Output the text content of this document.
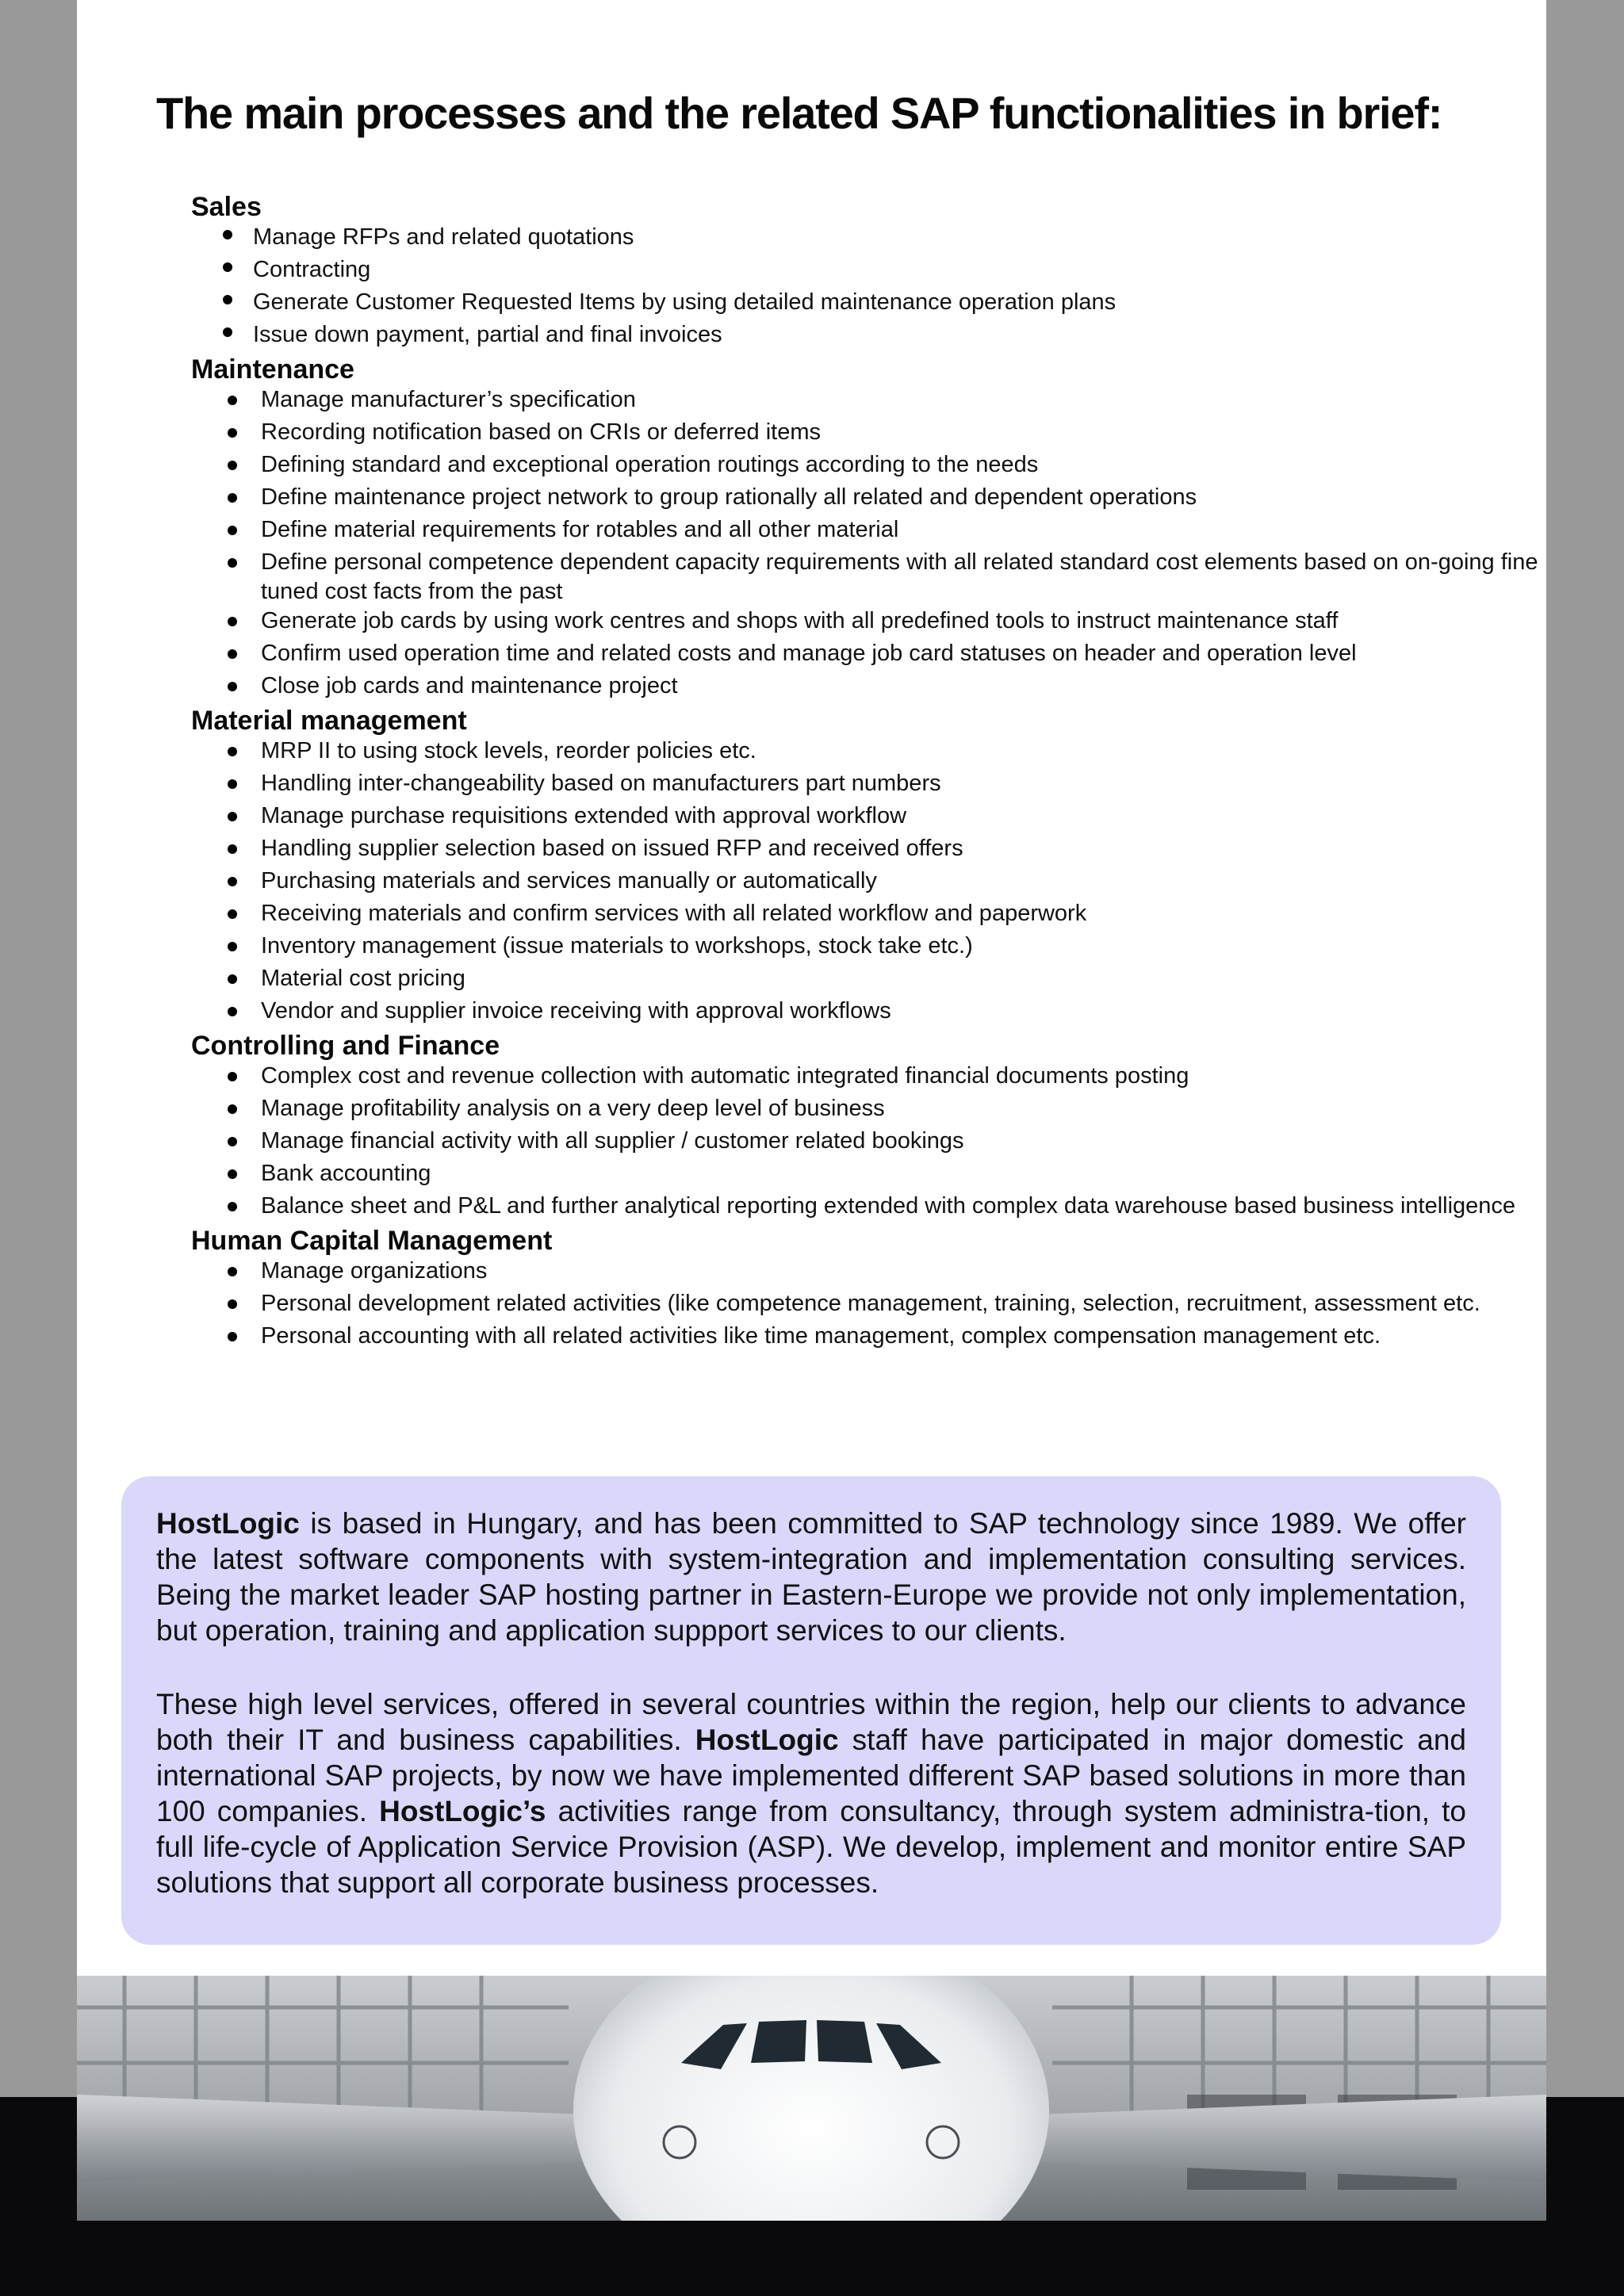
The main processes and the related SAP functionalities in brief:
Sales
Manage RFPs and related quotations
Contracting
Generate Customer Requested Items by using detailed maintenance operation plans
Issue down payment, partial and final invoices
Maintenance
Manage manufacturer’s specification
Recording notification based on CRIs or deferred items
Defining standard and exceptional operation routings according to the needs
Define maintenance project network to group rationally all related and dependent operations
Define material requirements for rotables and all other material
Define personal competence dependent capacity requirements with all related standard cost elements based on on-going fine tuned cost facts from the past
Generate job cards by using work centres and shops with all predefined tools to instruct maintenance staff
Confirm used operation time and related costs and manage job card statuses on header and operation level
Close job cards and maintenance project
Material management
MRP II to using stock levels, reorder policies etc.
Handling inter-changeability based on manufacturers part numbers
Manage purchase requisitions extended with approval workflow
Handling supplier selection based on issued RFP and received offers
Purchasing materials and services manually or automatically
Receiving materials and confirm services with all related workflow and paperwork
Inventory management (issue materials to workshops, stock take etc.)
Material cost pricing
Vendor and supplier invoice receiving with approval workflows
Controlling and Finance
Complex cost and revenue collection with automatic integrated financial documents posting
Manage profitability analysis on a very deep level of business
Manage financial activity with all supplier / customer related bookings
Bank accounting
Balance sheet and P&L and further analytical reporting extended with complex data warehouse based business intelligence
Human Capital Management
Manage organizations
Personal development related activities (like competence management, training, selection, recruitment, assessment etc.
Personal accounting with all related activities like time management, complex compensation management etc.

HostLogic is based in Hungary, and has been committed to SAP technology since 1989. We offer the latest software components with system-integration and implementation consulting services. Being the market leader SAP hosting partner in Eastern-Europe we provide not only implementation, but operation, training and application suppport services to our clients.

These high level services, offered in several countries within the region, help our clients to advance both their IT and business capabilities. HostLogic staff have participated in major domestic and international SAP projects, by now we have implemented different SAP based solutions in more than 100 companies. HostLogic’s activities range from consultancy, through system administra-tion, to full life-cycle of Application Service Provision (ASP). We develop, implement and monitor entire SAP solutions that support all corporate business processes.
